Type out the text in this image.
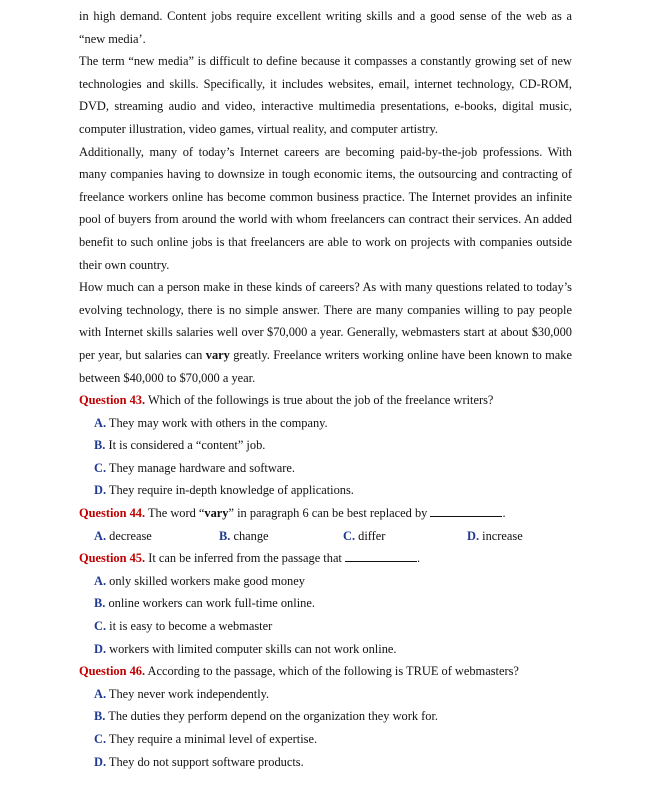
in high demand. Content jobs require excellent writing skills and a good sense of the web as a “new media’.

The term “new media” is difficult to define because it compasses a constantly growing set of new technologies and skills. Specifically, it includes websites, email, internet technology, CD-ROM, DVD, streaming audio and video, interactive multimedia presentations, e-books, digital music, computer illustration, video games, virtual reality, and computer artistry.

Additionally, many of today’s Internet careers are becoming paid-by-the-job professions. With many companies having to downsize in tough economic items, the outsourcing and contracting of freelance workers online has become common business practice. The Internet provides an infinite pool of buyers from around the world with whom freelancers can contract their services. An added benefit to such online jobs is that freelancers are able to work on projects with companies outside their own country.

How much can a person make in these kinds of careers? As with many questions related to today’s evolving technology, there is no simple answer. There are many companies willing to pay people with Internet skills salaries well over $70,000 a year. Generally, webmasters start at about $30,000 per year, but salaries can vary greatly. Freelance writers working online have been known to make between $40,000 to $70,000 a year.

Question 43. Which of the followings is true about the job of the freelance writers?

A. They may work with others in the company.

B. It is considered a “content” job.

C. They manage hardware and software.

D. They require in-depth knowledge of applications.

Question 44. The word “vary” in paragraph 6 can be best replaced by	.

A. decrease	B. change	C. differ	D. increase

Question 45. It can be inferred from the passage that	.

A. only skilled workers make good money

B. online workers can work full-time online.

C. it is easy to become a webmaster

D. workers with limited computer skills can not work online.

Question 46. According to the passage, which of the following is TRUE of webmasters?

A. They never work independently.

B. The duties they perform depend on the organization they work for.

C. They require a minimal level of expertise.

D. They do not support software products.
